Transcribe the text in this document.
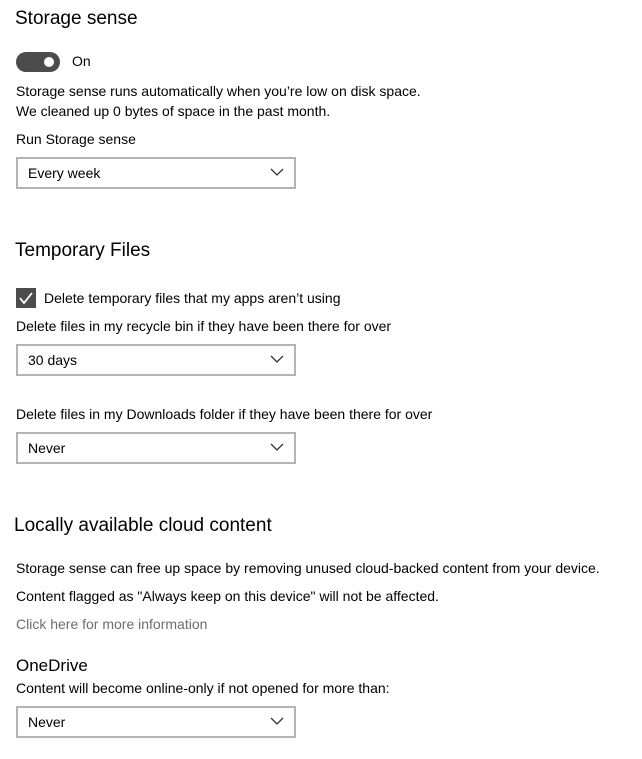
Storage sense
On
Storage sense runs automatically when you’re low on disk space.
We cleaned up 0 bytes of space in the past month.
Run Storage sense
Every week
Temporary Files
Delete temporary files that my apps aren’t using
Delete files in my recycle bin if they have been there for over
30 days
Delete files in my Downloads folder if they have been there for over
Never
Locally available cloud content
Storage sense can free up space by removing unused cloud-backed content from your device.
Content flagged as "Always keep on this device" will not be affected.
Click here for more information
OneDrive
Content will become online-only if not opened for more than:
Never
